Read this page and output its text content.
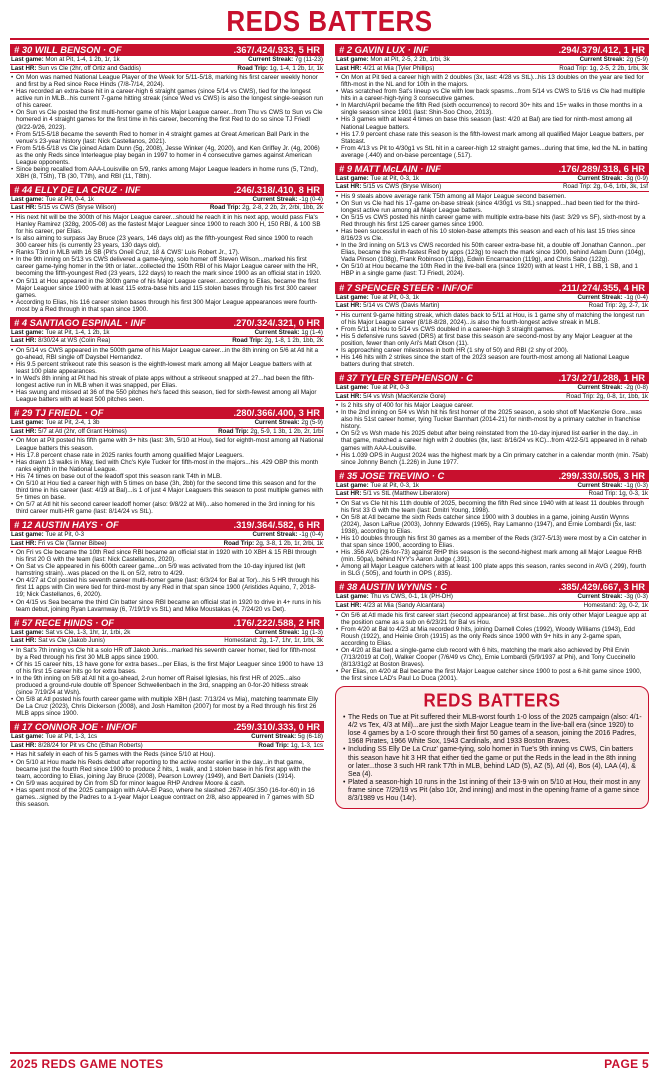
REDS BATTERS
# 30 WILL BENSON · OF	.367/.424/.933, 5 HR
Last game: Mon at Pit, 1-4, 1 2b, 1r, 1k	Current Streak: 7g (11-23)
Last HR: Sun vs Cle (2hr, off Ortiz and Gaddis)	Road Trip: 1g, 1-4, 1 2b, 1r, 1k
• On Mon was named National League Player of the Week for 5/11-5/18, marking his first career weekly honor and first by a Red since Rece Hinds (7/8-7/14, 2024).
• Has recorded an extra-base hit in a career-high 6 straight games (since 5/14 vs CWS), tied for the longest active run in MLB...his current 7-game hitting streak (since Wed vs CWS) is also the longest single-season run of his career.
• On Sun vs Cle posted the first multi-homer game of his Major League career...from Thu vs CWS to Sun vs Cle homered in 4 straight games for the first time in his career, becoming the first Red to do so since TJ Friedl (9/22-9/26, 2023).
• From 5/15-5/18 became the seventh Red to homer in 4 straight games at Great American Ball Park in the venue's 23-year history (last: Nick Castellanos, 2021).
• From 5/16-5/18 vs Cle joined Adam Dunn (5g, 2008), Jesse Winker (4g, 2020), and Ken Griffey Jr. (4g, 2006) as the only Reds since Interleague play began in 1997 to homer in 4 consecutive games against American League opponents.
• Since being recalled from AAA-Louisville on 5/9, ranks among Major League leaders in home runs (5, T2nd), XBH (8, T5th), TB (30, T7th), and RBI (11, T8th).
# 44 ELLY DE LA CRUZ · INF	.246/.318/.410, 8 HR
Last game: Tue at Pit, 0-4, 1k	Current Streak: -1g (0-4)
Last HR: 5/15 vs CWS (Bryse Wilson)	Road Trip: 2g, 2-8, 2 2b, 2r, 2rbi, 1bb, 2k
• His next hit will be the 300th of his Major League career...should he reach it in his next app, would pass Fla's Hanley Ramirez (328g, 2005-08) as the fastest Major Leaguer since 1900 to reach 300 H, 150 RBI, & 100 SB for his career, per Elias.
• Is also aiming to surpass Jay Bruce (23 years, 146 days old) as the fifth-youngest Red since 1900 to reach 300 career hits (is currently 23 years, 130 days old).
• Ranks T3rd in MLB with 16 SB (Pit's Oneil Cruz, 18 & CWS' Luis Robert Jr., 17).
• In the 9th inning on 5/13 vs CWS delivered a game-tying, solo homer off Steven Wilson...marked his first career game-tying homer in the 9th or later...collected the 150th RBI of his Major League career with the HR, becoming the fifth-youngest Red (23 years, 122 days) to reach the mark since 1900 as an official stat in 1920.
• On 5/11 at Hou appeared in the 300th game of his Major League career...according to Elias, became the first Major Leaguer since 1900 with at least 115 extra-base hits and 115 stolen bases through his first 300 career games.
• According to Elias, his 116 career stolen bases through his first 300 Major League appearances were fourth-most by a Red through in that span since 1900.
# 4 SANTIAGO ESPINAL · INF	.270/.324/.321, 0 HR
Last game: Tue at Pit, 1-4, 1 2b, 1k	Current Streak: 1g (1-4)
Last HR: 8/30/24 at WS (Colin Rea)	Road Trip: 2g, 1-8, 1 2b, 1bb, 2k
• On 5/14 vs CWS appeared in the 500th game of his Major League career...in the 8th inning on 5/6 at Atl hit a go-ahead, RBI single off Daysbel Hernandez.
• His 9.5 percent strikeout rate this season is the eighth-lowest mark among all Major League batters with at least 100 plate appearances.
• In Wed's 8th inning at Pit had his streak of plate apps without a strikeout snapped at 27...had been the fifth-longest active run in MLB when it was snapped, per Elias.
• Has swung and missed at 36 of the 550 pitches he's faced this season, tied for sixth-fewest among all Major League batters with at least 500 pitches seen.
# 29 TJ FRIEDL · OF	.280/.366/.400, 3 HR
Last game: Tue at Pit, 2-4, 1 3b	Current Streak: 2g (5-9)
Last HR: 5/7 at Atl (2hr, off Grant Holmes)	Road Trip: 2g, 5-9, 1 3b, 1 2b, 2r, 1rbi
• On Mon at Pit posted his fifth game with 3+ hits (last: 3/h, 5/10 at Hou), tied for eighth-most among all National League batters this season.
• His 17.8 percent chase rate in 2025 ranks fourth among qualified Major Leaguers.
• Has drawn 13 walks in May, tied with Chc's Kyle Tucker for fifth-most in the majors...his .429 OBP this month ranks eighth in the National League.
• His 74 times on base out of the leadoff spot this season rank T4th in MLB.
• On 5/10 at Hou tied a career high with 5 times on base (3h, 2bb) for the second time this season and for the third time in his career (last: 4/19 at Bal)...is 1 of just 4 Major Leaguers this season to post multiple games with 5+ times on base.
• On 5/7 at Atl hit his second career leadoff homer (also: 9/8/22 at Mil)...also homered in the 3rd inning for his third career multi-HR game (last: 8/14/24 vs StL).
# 12 AUSTIN HAYS · OF	.319/.364/.582, 6 HR
Last game: Tue at Pit, 0-3	Current Streak: -1g (0-4)
Last HR: Fri vs Cle (Tanner Bibee)	Road Trip: 2g, 3-8, 1 2b, 1r, 2rbi, 1k
• On Fri vs Cle became the 10th Red since RBI became an official stat in 1920 with 10 XBH & 15 RBI through his first 20 G with the team (last: Nick Castellanos, 2020).
• On Sat vs Cle appeared in his 600th career game...on 5/9 was activated from the 10-day injured list (left hamstring strain)...was placed on the IL on 5/2, retro to 4/29.
• On 4/27 at Col posted his seventh career multi-homer game (last: 6/3/24 for Bal at Tor)...his 5 HR through his first 11 apps with Cin were tied for third-most by any Red in that span since 1900 (Aristides Aquino, 7, 2018-19; Nick Castellanos, 6, 2020).
• On 4/15 vs Sea became the third Cin batter since RBI became an official stat in 1920 to drive in 4+ runs in his team debut, joining Ryan Lavarnway (6, 7/19/19 vs StL) and Mike Moustakas (4, 7/24/20 vs Det).
# 57 RECE HINDS · OF	.176/.222/.588, 2 HR
Last game: Sat vs Cle, 1-3, 1hr, 1r, 1rbi, 2k	Current Streak: 1g (1-3)
Last HR: Sat vs Cle (Jakob Junis)	Homestand: 2g, 1-7, 1hr, 1r, 1rbi, 3k
• In Sat's 7th inning vs Cle hit a solo HR off Jakob Junis...marked his seventh career homer, tied for fifth-most by a Red through his first 30 MLB apps since 1900.
• Of his 15 career hits, 13 have gone for extra bases...per Elias, is the first Major Leaguer since 1900 to have 13 of his first 15 career hits go for extra bases.
• In the 9th inning on 5/8 at Atl hit a go-ahead, 2-run homer off Raisel Iglesias, his first HR of 2025...also produced a ground-rule double off Spencer Schwellenbach in the 3rd, snapping an 0-for-20 hitless streak (since 7/19/24 at Wsh).
• On 5/8 at Atl posted his fourth career game with multiple XBH (last: 7/13/24 vs Mia), matching teammate Elly De La Cruz (2023), Chris Dickerson (2008), and Josh Hamilton (2007) for most by a Red through his first 26 MLB apps since 1900.
# 17 CONNOR JOE · INF/OF	.259/.310/.333, 0 HR
Last game: Tue at Pit, 1-3, 1cs	Current Streak: 5g (6-18)
Last HR: 8/28/24 for Pit vs Chc (Ethan Roberts)	Road Trip: 1g, 1-3, 1cs
• Has hit safely in each of his 5 games with the Reds (since 5/10 at Hou).
• On 5/10 at Hou made his Reds debut after reporting to the active roster earlier in the day...in that game, became just the fourth Red since 1900 to produce 2 hits, 1 walk, and 1 stolen base in his first app with the team, according to Elias, joining Jay Bruce (2008), Pearson Lowrey (1949), and Bert Daniels (1914).
• On 5/9 was acquired by Cin from SD for minor league RHP Andrew Moore & cash.
• Has spent most of the 2025 campaign with AAA-El Paso, where he slashed .267/.405/.350 (16-for-60) in 16 games...signed by the Padres to a 1-year Major League contract on 2/8, also appeared in 7 games with SD this season.
# 2 GAVIN LUX · INF	.294/.379/.412, 1 HR
Last game: Mon at Pit, 2-5, 2 2b, 1rbi, 3k	Current Streak: 2g (5-9)
Last HR: 4/21 at Mia (Tyler Phillips)	Road Trip: 1g, 2-5, 2 2b, 1rbi, 3k
• On Mon at Pit tied a career high with 2 doubles (3x, last: 4/28 vs StL)...his 13 doubles on the year are tied for fifth-most in the NL and for 10th in the majors.
• Was scratched from Sat's lineup vs Cle with low back spasms...from 5/14 vs CWS to 5/16 vs Cle had multiple hits in a career-high-tying 3 consecutive games.
• In March/April became the fifth Red (sixth occurrence) to record 30+ hits and 15+ walks in those months in a single season since 1901 (last: Shin-Soo Choo, 2013).
• His 3 games with at least 4 times on base this season (last: 4/20 at Bal) are tied for ninth-most among all National League batters.
• His 17.9 percent chase rate this season is the fifth-lowest mark among all qualified Major League batters, per Statcast.
• From 4/13 vs Pit to 4/30g1 vs StL hit in a career-high 12 straight games...during that time, led the NL in batting average (.440) and on-base percentage (.517).
# 9 MATT McLAIN · INF	.176/.289/.318, 6 HR
Last game: Tue at Pit, 0-3, 1k	Current Streak: -3g (0-9)
Last HR: 5/15 vs CWS (Bryse Wilson)	Road Trip: 2g, 0-6, 1rbi, 3k, 1sf
• His 9 steals above average rank T5th among all Major League second basemen.
• On Sun vs Cle had his 17-game on-base streak (since 4/30g1 vs StL) snapped...had been tied for the third-longest active run among all Major League batters.
• On 5/15 vs CWS posted his ninth career game with multiple extra-base hits (last: 3/29 vs SF), sixth-most by a Red through his first 125 career games since 1900.
• Has been successful in each of his 10 stolen-base attempts this season and each of his last 15 tries since 8/16/23 vs Cle.
• In the 3rd inning on 5/13 vs CWS recorded his 50th career extra-base hit, a double off Jonathan Cannon...per Elias, became the sixth-fastest Red by apps (123g) to reach the mark since 1900, behind Adam Dunn (104g), Vada Pinson (108g), Frank Robinson (118g), Edwin Encarnacion (119g), and Chris Sabo (122g).
• On 5/10 at Hou became the 10th Red in the live-ball era (since 1920) with at least 1 HR, 1 BB, 1 SB, and 1 HBP in a single game (last: TJ Friedl, 2024).
# 7 SPENCER STEER · INF/OF	.211/.274/.355, 4 HR
Last game: Tue at Pit, 0-3, 1k	Current Streak: -1g (0-4)
Last HR: 5/14 vs CWS (Davis Martin)	Road Trip: 2g, 2-7, 1k
• His current 9-game hitting streak, which dates back to 5/11 at Hou, is 1 game shy of matching the longest run of his Major League career (8/18-8/28, 2024)...is also the fourth-longest active streak in MLB.
• From 5/11 at Hou to 5/14 vs CWS doubled in a career-high 3 straight games.
• His 5 defensive runs saved (DRS) at first base this season are second-most by any Major Leaguer at the position, fewer than only Ari's Matt Olson (11).
• Is approaching career milestones in both HR (1 shy of 50) and RBI (2 shy of 200).
• His 146 hits with 2 strikes since the start of the 2023 season are fourth-most among all National League batters during that stretch.
# 37 TYLER STEPHENSON · C	.173/.271/.288, 1 HR
Last game: Tue at Pit, 0-3	Current Streak: -2g (0-8)
Last HR: 5/4 vs Wsh (MacKenzie Gore)	Road Trip: 2g, 0-8, 1r, 1bb, 1k
• Is 2 hits shy of 400 for his Major League career.
• In the 2nd inning on 5/4 vs Wsh hit his first homer of the 2025 season, a solo shot off MacKenzie Gore...was also his 51st career homer, tying Tucker Barnhart (2014-21) for ninth-most by a primary catcher in franchise history.
• On 5/2 vs Wsh made his 2025 debut after being reinstated from the 10-day injured list earlier in the day...in that game, matched a career high with 2 doubles (8x, last: 8/16/24 vs KC)...from 4/22-5/1 appeared in 8 rehab games with AAA-Louisville.
• His 1.039 OPS in August 2024 was the highest mark by a Cin primary catcher in a calendar month (min. 75ab) since Johnny Bench (1.226) in June 1977.
# 35 JOSE TREVINO · C	.299/.330/.505, 3 HR
Last game: Tue at Pit, 0-3, 1k	Current Streak: -1g (0-3)
Last HR: 5/1 vs StL (Matthew Liberatore)	Road Trip: 1g, 0-3, 1k
• On Sat vs Cle hit his 11th double of 2025, becoming the fifth Red since 1940 with at least 11 doubles through his first 33 G with the team (last: Dmitri Young, 1998).
• On 5/8 at Atl became the sixth Reds catcher since 1900 with 3 doubles in a game, joining Austin Wynns (2024), Jason LaRue (2003), Johnny Edwards (1965), Ray Lamanno (1947), and Ernie Lombardi (5x, last: 1938), according to Elias.
• His 10 doubles through his first 30 games as a member of the Reds (3/27-5/13) were most by a Cin catcher in that span since 1900, according to Elias.
• His .356 AVG (26-for-73) against RHP this season is the second-highest mark among all Major League RHB (min. 50pa), behind NYY's Aaron Judge (.391).
• Among all Major League catchers with at least 100 plate apps this season, ranks second in AVG (.299), fourth in SLG (.505), and fourth in OPS (.835).
# 38 AUSTIN WYNNS · C	.385/.429/.667, 3 HR
Last game: Thu vs CWS, 0-1, 1k (PH-DH)	Current Streak: -3g (0-3)
Last HR: 4/23 at Mia (Sandy Alcantara)	Homestand: 2g, 0-2, 1k
• On 5/6 at Atl made his first career start (second appearance) at first base...his only other Major League app at the position came as a sub on 6/23/21 for Bal vs Hou.
• From 4/20 at Bal to 4/23 at Mia recorded 9 hits, joining Darnell Coles (1992), Woody Williams (1943), Edd Roush (1922), and Heinie Groh (1915) as the only Reds since 1900 with 9+ hits in any 2-game span, according to Elias.
• On 4/20 at Bal tied a single-game club record with 6 hits, matching the mark also achieved by Phil Ervin (7/13/2019 at Col), Walker Cooper (7/6/49 vs Chc), Ernie Lombardi (5/9/1937 at Phi), and Tony Cuccinello (8/13/31g2 at Boston Braves).
• Per Elias, on 4/20 at Bal became the first Major League catcher since 1900 to post a 6-hit game since 1900, the first since LAD's Paul Lo Duca (2001).
REDS BATTERS
• The Reds on Tue at Pit suffered their MLB-worst fourth 1-0 loss of the 2025 campaign (also: 4/1-4/2 vs Tex, 4/3 at Mil)...are just the sixth Major League team in the live-ball era (since 1920) to lose 4 games by a 1-0 score through their first 50 games of a season, joining the 2016 Padres, 1968 Pirates, 1966 White Sox, 1943 Cardinals, and 1933 Boston Braves.
• Including SS Elly De La Cruz' game-tying, solo homer in Tue's 9th inning vs CWS, Cin batters this season have hit 3 HR that either tied the game or put the Reds in the lead in the 8th inning or later...those 3 such HR rank T7th in MLB, behind LAD (5), AZ (5), Atl (4), Bos (4), LAA (4), & Sea (4).
• Plated a season-high 10 runs in the 1st inning of their 13-9 win on 5/10 at Hou, their most in any frame since 7/29/19 vs Pit (also 10r, 2nd inning) and most in the opening frame of a game since 8/3/1989 vs Hou (14r).
2025 REDS GAME NOTES	PAGE 5
